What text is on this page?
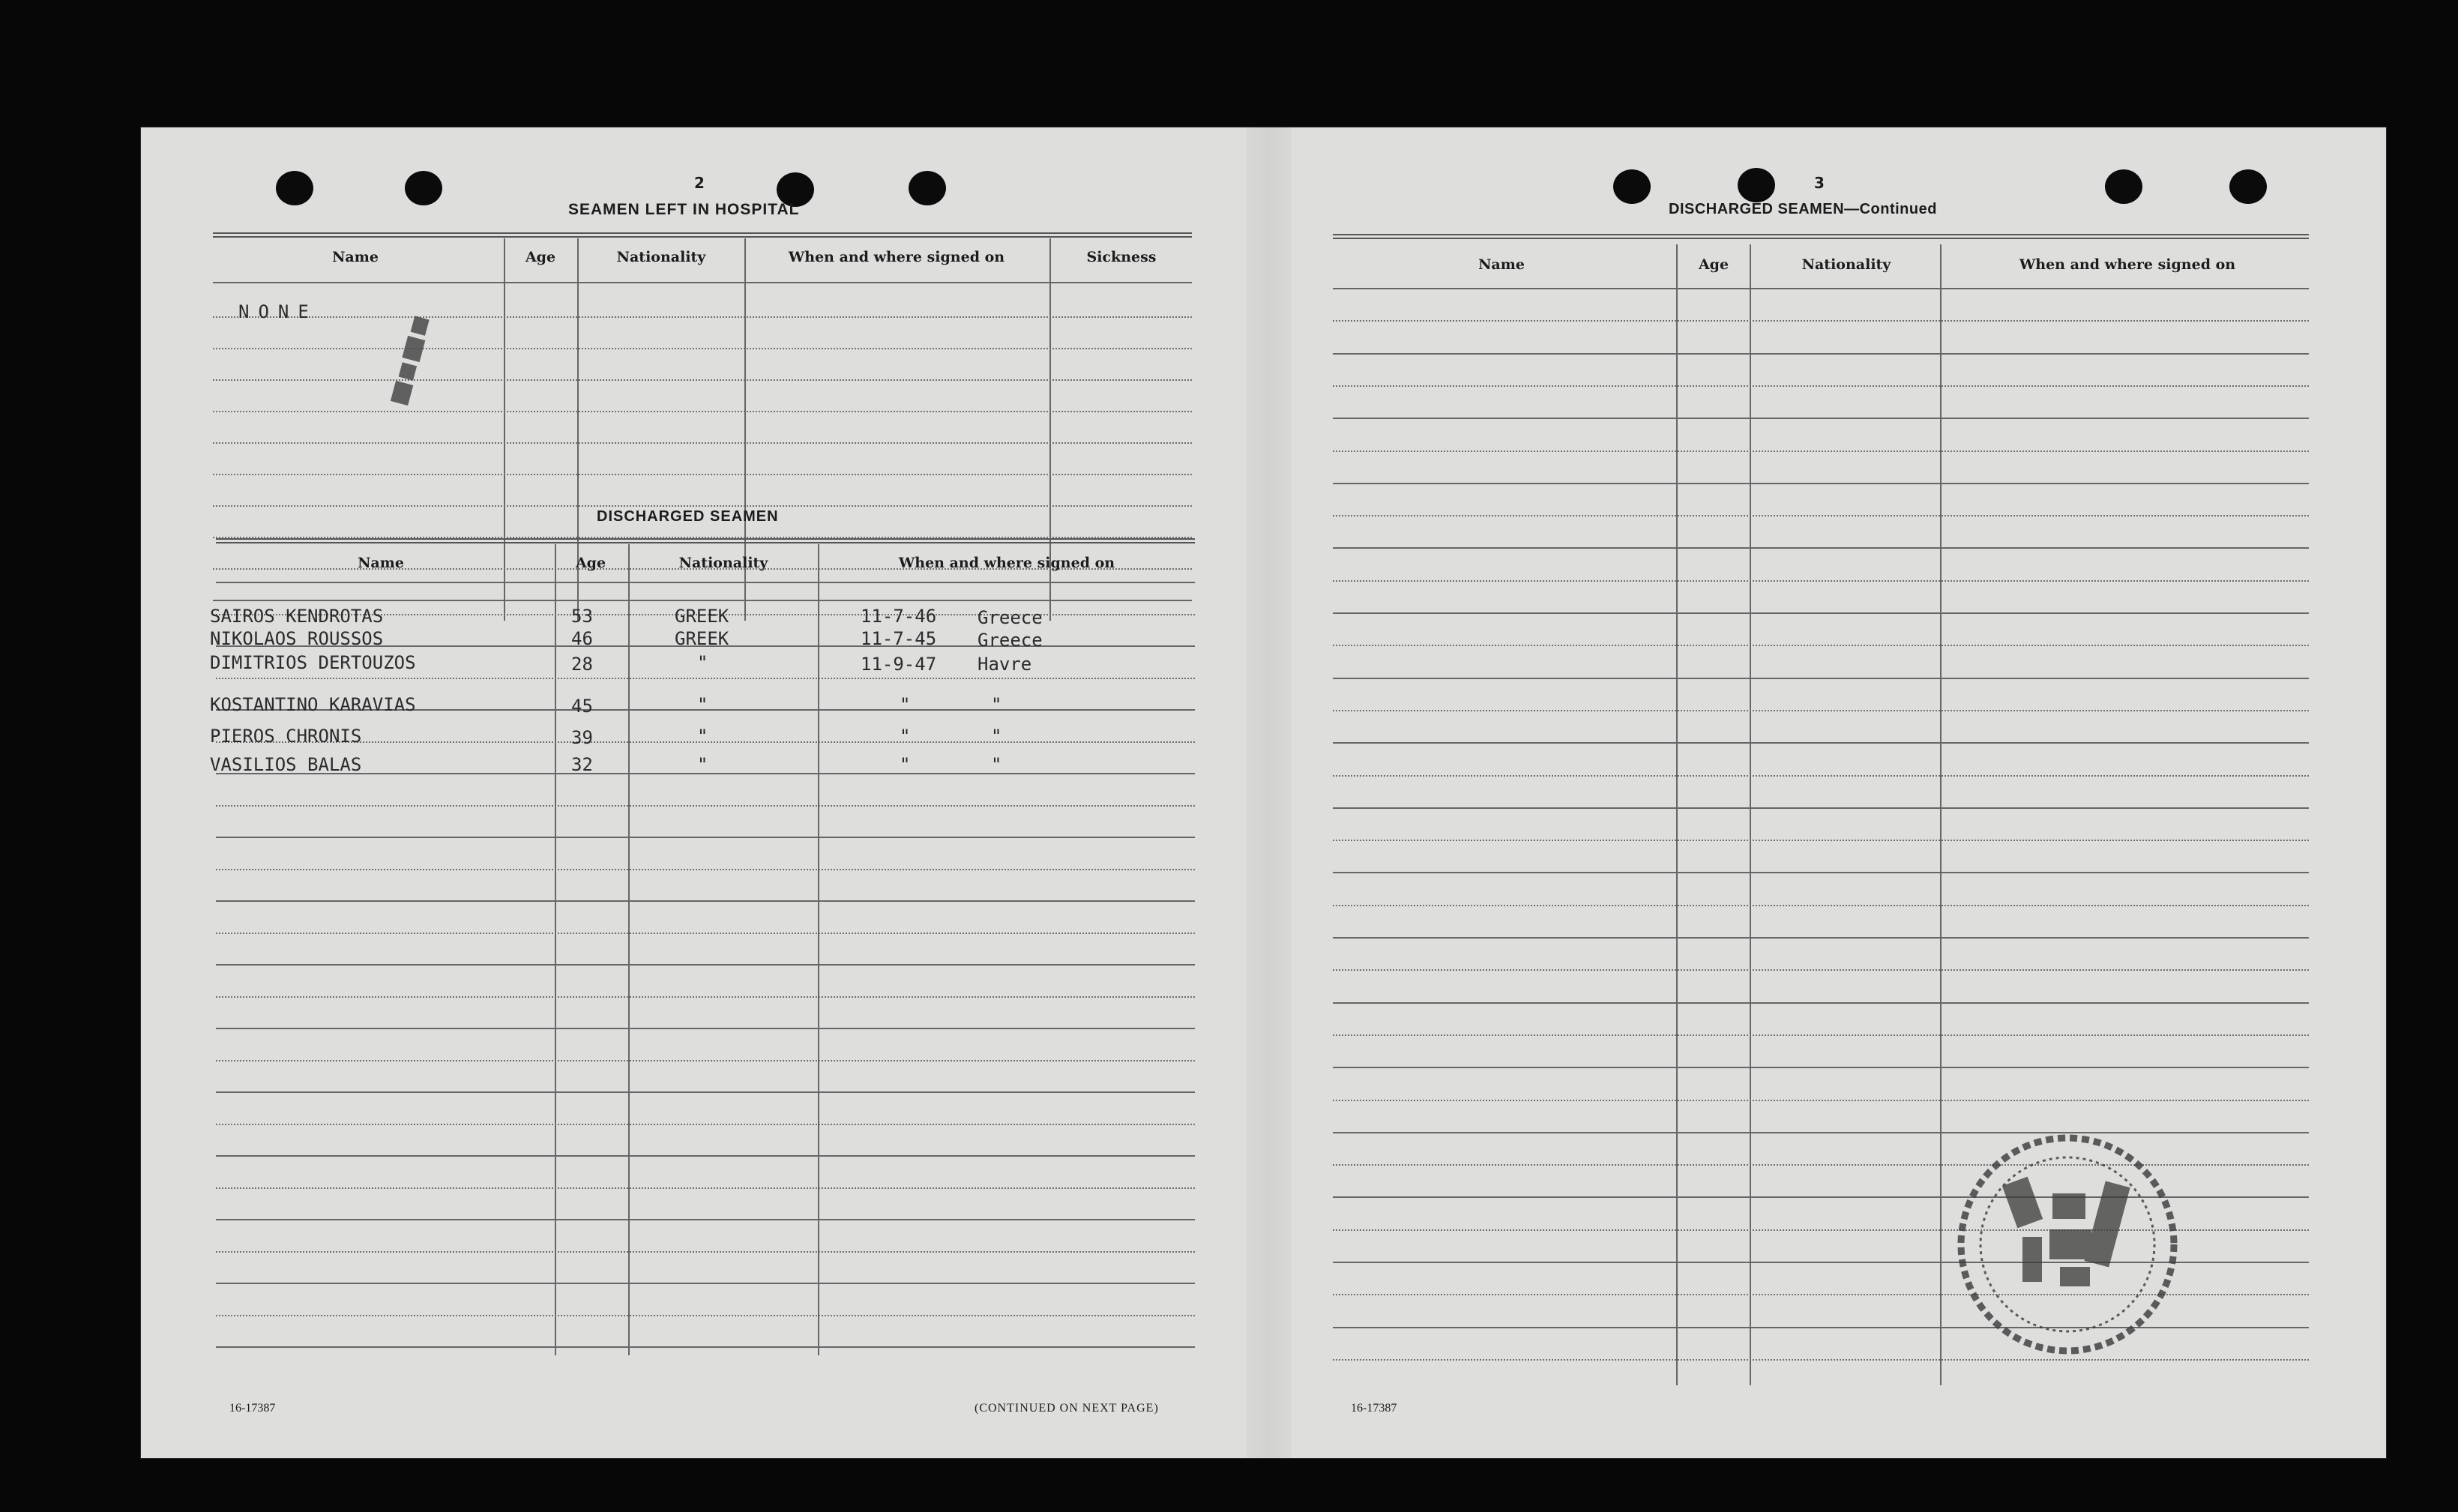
2
SEAMEN LEFT IN HOSPITAL
Name	Age	Nationality	When and where signed on	Sickness
NONE
DISCHARGED SEAMEN
Name	Age	Nationality	When and where signed on
SAIROS KENDROTAS	53	GREEK	11-7-46 Greece
NIKOLAOS ROUSSOS	46	GREEK	11-7-45 Greece
DIMITRIOS DERTOUZOS	28	"	11-9-47 Havre
KOSTANTINO KARAVIAS	45	"	"	"
PIEROS CHRONIS	39	"	"	"
VASILIOS BALAS	32	"	"	"
16-17387	(CONTINUED ON NEXT PAGE)
3
DISCHARGED SEAMEN—Continued
Name	Age	Nationality	When and where signed on
16-17387
